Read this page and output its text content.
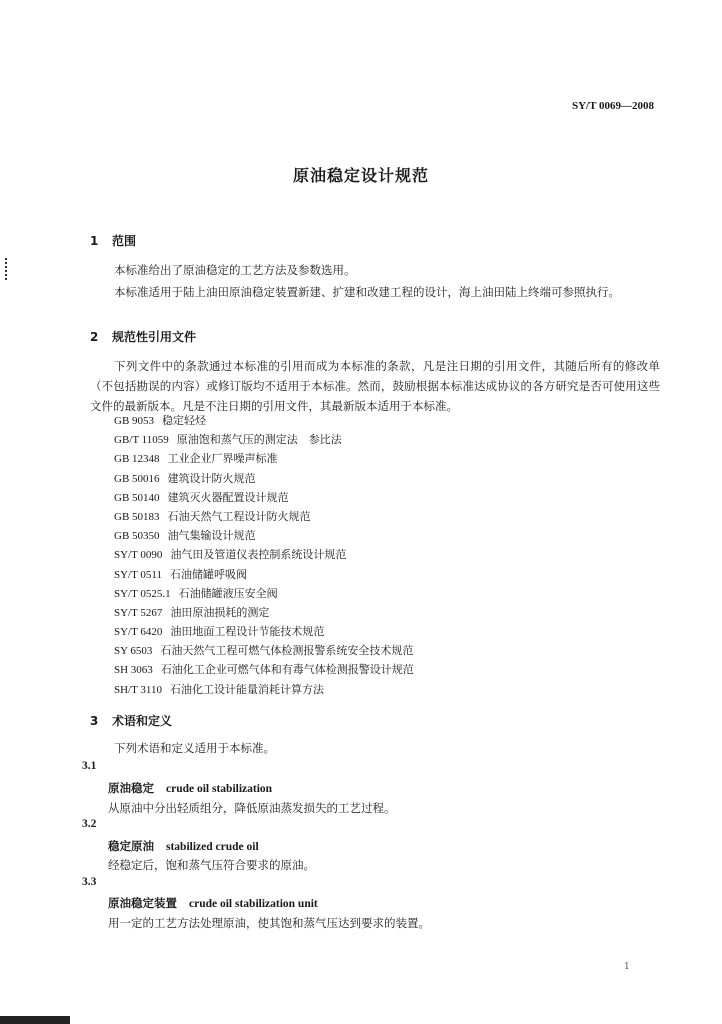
SY/T 0069—2008
原油稳定设计规范
1 范围
本标准给出了原油稳定的工艺方法及参数选用。
本标准适用于陆上油田原油稳定装置新建、扩建和改建工程的设计，海上油田陆上终端可参照执行。
2 规范性引用文件
下列文件中的条款通过本标准的引用而成为本标准的条款，凡是注日期的引用文件，其随后所有的修改单（不包括勘误的内容）或修订版均不适用于本标准。然而，鼓励根据本标准达成协议的各方研究是否可使用这些文件的最新版本。凡是不注日期的引用文件，其最新版本适用于本标准。
GB 9053 稳定轻烃
GB/T 11059 原油饱和蒸气压的测定法　参比法
GB 12348 工业企业厂界噪声标准
GB 50016 建筑设计防火规范
GB 50140 建筑灭火器配置设计规范
GB 50183 石油天然气工程设计防火规范
GB 50350 油气集输设计规范
SY/T 0090 油气田及管道仪表控制系统设计规范
SY/T 0511 石油储罐呼吸阀
SY/T 0525.1 石油储罐液压安全阀
SY/T 5267 油田原油损耗的测定
SY/T 6420 油田地面工程设计节能技术规范
SY 6503 石油天然气工程可燃气体检测报警系统安全技术规范
SH 3063 石油化工企业可燃气体和有毒气体检测报警设计规范
SH/T 3110 石油化工设计能量消耗计算方法
3 术语和定义
下列术语和定义适用于本标准。
3.1
原油稳定 crude oil stabilization
从原油中分出轻质组分，降低原油蒸发损失的工艺过程。
3.2
稳定原油 stabilized crude oil
经稳定后，饱和蒸气压符合要求的原油。
3.3
原油稳定装置 crude oil stabilization unit
用一定的工艺方法处理原油，使其饱和蒸气压达到要求的装置。
1
